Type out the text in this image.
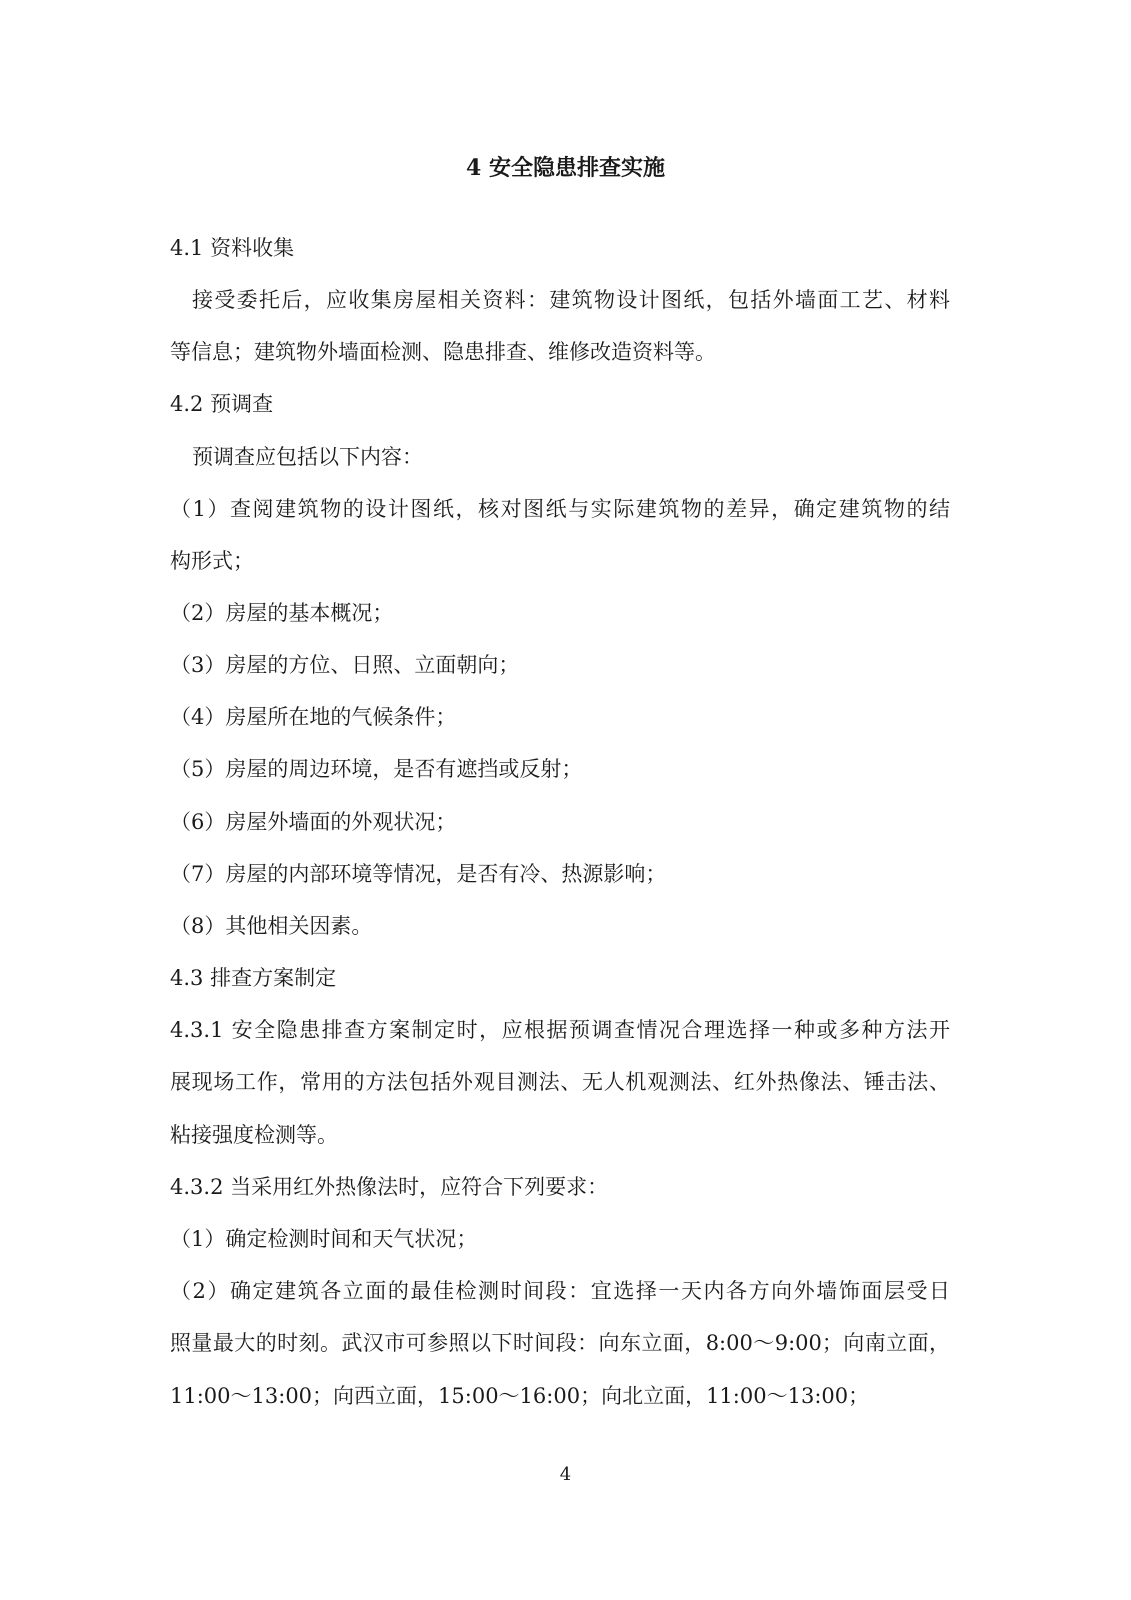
4 安全隐患排查实施
4.1 资料收集
接受委托后，应收集房屋相关资料：建筑物设计图纸，包括外墙面工艺、材料
等信息；建筑物外墙面检测、隐患排查、维修改造资料等。
4.2 预调查
预调查应包括以下内容：
（1）查阅建筑物的设计图纸，核对图纸与实际建筑物的差异，确定建筑物的结
构形式；
（2）房屋的基本概况；
（3）房屋的方位、日照、立面朝向；
（4）房屋所在地的气候条件；
（5）房屋的周边环境，是否有遮挡或反射；
（6）房屋外墙面的外观状况；
（7）房屋的内部环境等情况，是否有冷、热源影响；
（8）其他相关因素。
4.3 排查方案制定
4.3.1 安全隐患排查方案制定时，应根据预调查情况合理选择一种或多种方法开
展现场工作，常用的方法包括外观目测法、无人机观测法、红外热像法、锤击法、
粘接强度检测等。
4.3.2 当采用红外热像法时，应符合下列要求：
（1）确定检测时间和天气状况；
（2）确定建筑各立面的最佳检测时间段：宜选择一天内各方向外墙饰面层受日
照量最大的时刻。武汉市可参照以下时间段：向东立面，8:00～9:00；向南立面，
11:00～13:00；向西立面，15:00～16:00；向北立面，11:00～13:00；
4
